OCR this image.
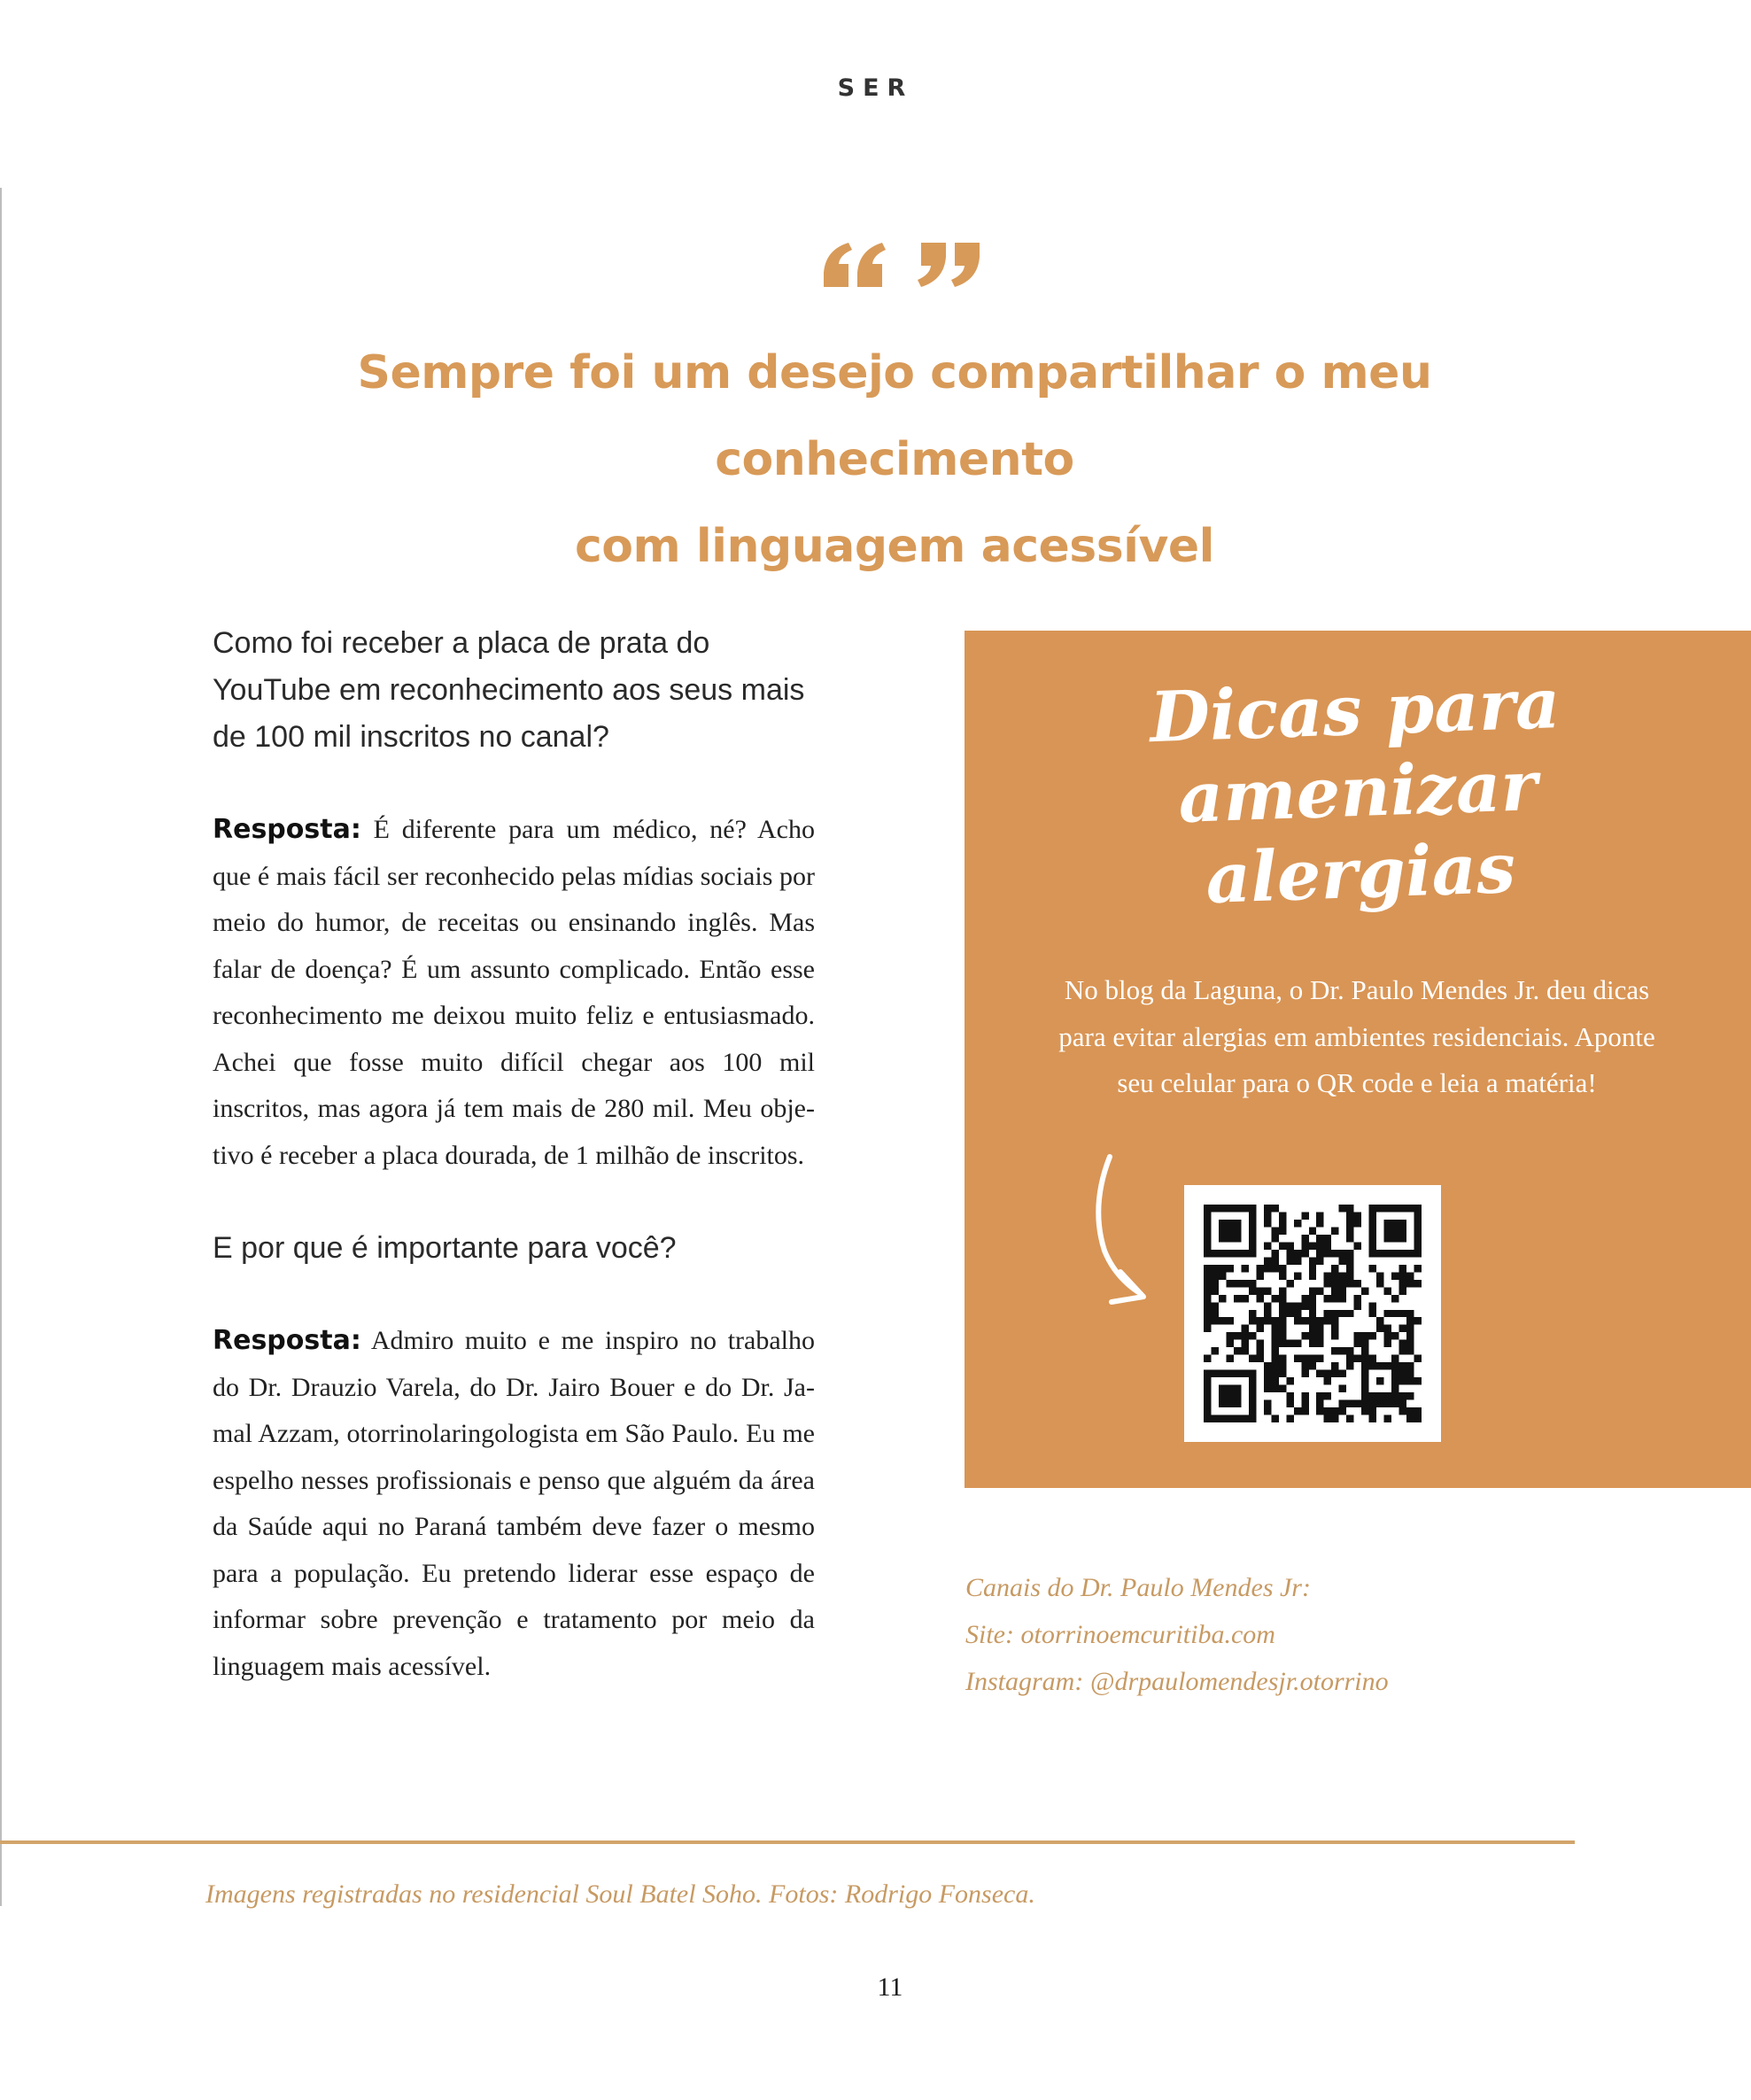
SER
Sempre foi um desejo compartilhar o meu conhecimento
com linguagem acessível

Como foi receber a placa de prata do YouTube em reconhecimento aos seus mais de 100 mil inscritos no canal?

Resposta: É diferente para um médico, né? Acho que é mais fácil ser reconhecido pelas mídias sociais por meio do humor, de receitas ou ensinando inglês. Mas falar de doença? É um assunto complicado. Então esse reconhecimento me deixou muito feliz e entusiasmado. Achei que fosse muito difícil chegar aos 100 mil inscritos, mas agora já tem mais de 280 mil. Meu objetivo é receber a placa dourada, de 1 milhão de inscritos.

E por que é importante para você?

Resposta: Admiro muito e me inspiro no trabalho do Dr. Drauzio Varela, do Dr. Jairo Bouer e do Dr. Jamal Azzam, otorrinolaringologista em São Paulo. Eu me espelho nesses profissionais e penso que alguém da área da Saúde aqui no Paraná também deve fazer o mesmo para a população. Eu pretendo liderar esse espaço de informar sobre prevenção e tratamento por meio da linguagem mais acessível.

Dicas para
amenizar
alergias

No blog da Laguna, o Dr. Paulo Mendes Jr. deu dicas para evitar alergias em ambientes residenciais. Aponte seu celular para o QR code e leia a matéria!

Canais do Dr. Paulo Mendes Jr:
Site: otorrinoemcuritiba.com
Instagram: @drpaulomendesjr.otorrino

Imagens registradas no residencial Soul Batel Soho. Fotos: Rodrigo Fonseca.

11
